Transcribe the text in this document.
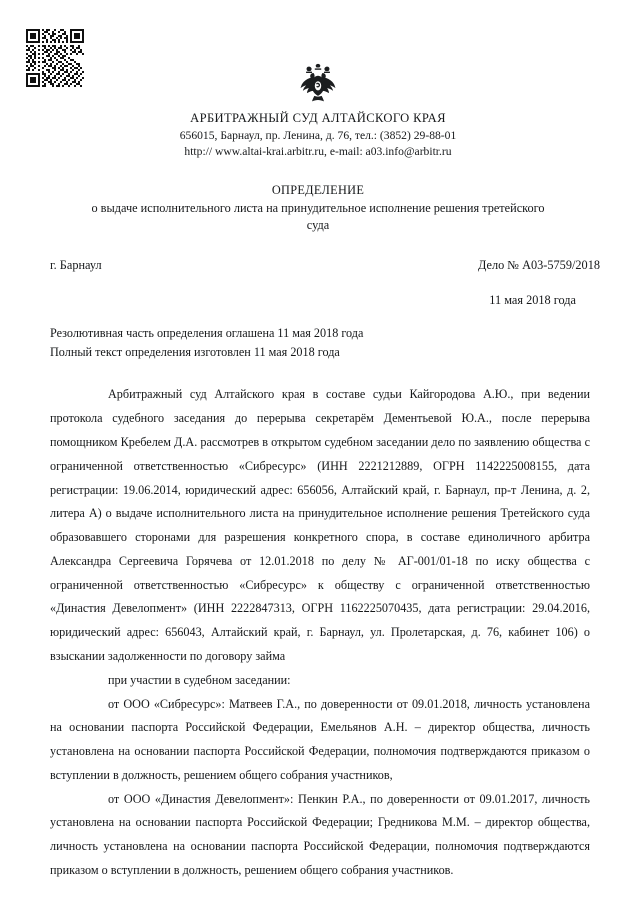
АРБИТРАЖНЫЙ СУД АЛТАЙСКОГО КРАЯ

656015, Барнаул, пр. Ленина, д. 76, тел.: (3852) 29-88-01

http:// www.altai-krai.arbitr.ru, e-mail: a03.info@arbitr.ru

ОПРЕДЕЛЕНИЕ

о выдаче исполнительного листа на принудительное исполнение решения третейского суда

г. Барнаул	Дело № А03-5759/2018
11 мая 2018 года

Резолютивная часть определения оглашена 11 мая 2018 года

Полный текст определения изготовлен 11 мая 2018 года

Арбитражный суд Алтайского края в составе судьи Кайгородова А.Ю., при ведении протокола судебного заседания до перерыва секретарём Дементьевой Ю.А., после перерыва помощником Кребелем Д.А. рассмотрев в открытом судебном заседании дело по заявлению общества с ограниченной ответственностью «Сибресурс» (ИНН 2221212889, ОГРН 1142225008155, дата регистрации: 19.06.2014, юридический адрес: 656056, Алтайский край, г. Барнаул, пр-т Ленина, д. 2, литера А) о выдаче исполнительного листа на принудительное исполнение решения Третейского суда образовавшего сторонами для разрешения конкретного спора, в составе единоличного арбитра Александра Сергеевича Горячева от 12.01.2018 по делу № АГ-001/01-18 по иску общества с ограниченной ответственностью «Сибресурс» к обществу с ограниченной ответственностью «Династия Девелопмент» (ИНН 2222847313, ОГРН 1162225070435, дата регистрации: 29.04.2016, юридический адрес: 656043, Алтайский край, г. Барнаул, ул. Пролетарская, д. 76, кабинет 106) о взыскании задолженности по договору займа

при участии в судебном заседании:

от ООО «Сибресурс»: Матвеев Г.А., по доверенности от 09.01.2018, личность установлена на основании паспорта Российской Федерации, Емельянов А.Н. – директор общества, личность установлена на основании паспорта Российской Федерации, полномочия подтверждаются приказом о вступлении в должность, решением общего собрания участников,

от ООО «Династия Девелопмент»: Пенкин Р.А., по доверенности от 09.01.2017, личность установлена на основании паспорта Российской Федерации; Гредникова М.М. – директор общества, личность установлена на основании паспорта Российской Федерации, полномочия подтверждаются приказом о вступлении в должность, решением общего собрания участников.
